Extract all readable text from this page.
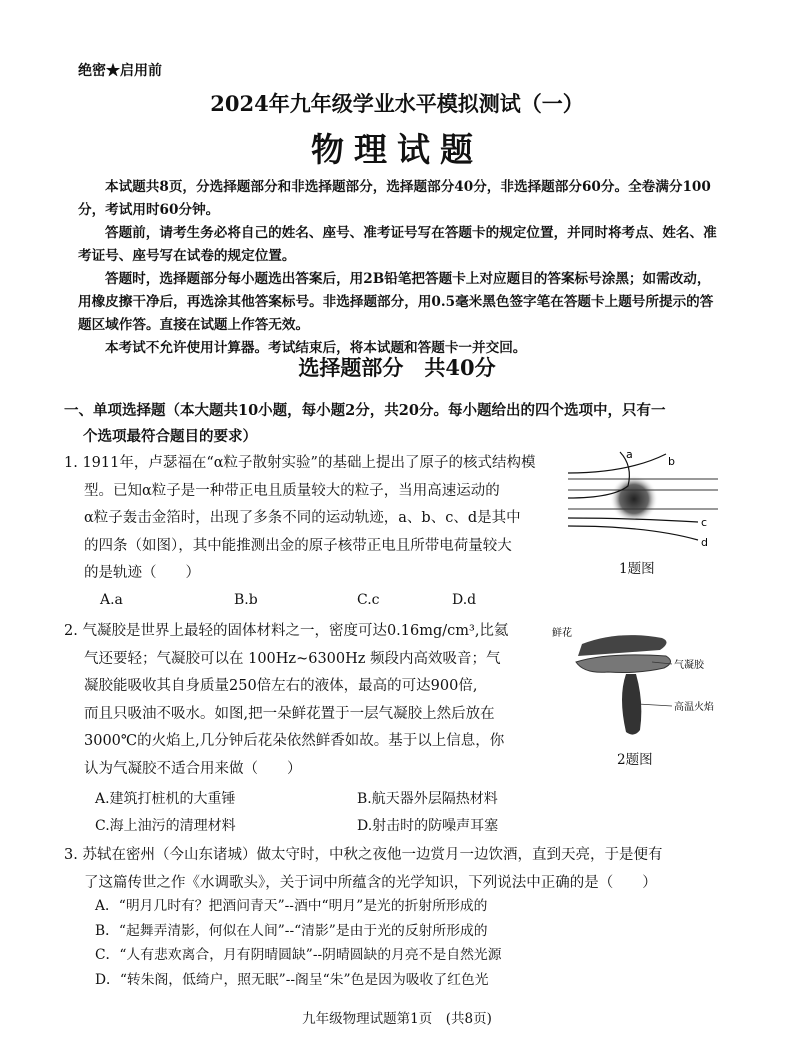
绝密★启用前
2024年九年级学业水平模拟测试（一）
物理试题

本试题共8页，分选择题部分和非选择题部分，选择题部分40分，非选择题部分60分。全卷满分100分，考试用时60分钟。

答题前，请考生务必将自己的姓名、座号、准考证号写在答题卡的规定位置，并同时将考点、姓名、准考证号、座号写在试卷的规定位置。

答题时，选择题部分每小题选出答案后，用2B铅笔把答题卡上对应题目的答案标号涂黑；如需改动，用橡皮擦干净后，再选涂其他答案标号。非选择题部分，用0.5毫米黑色签字笔在答题卡上题号所提示的答题区域作答。直接在试题上作答无效。

本考试不允许使用计算器。考试结束后，将本试题和答题卡一并交回。

选择题部分　共40分
一、单项选择题（本大题共10小题，每小题2分，共20分。每小题给出的四个选项中，只有一
个选项最符合题目的要求）
1. 1911年，卢瑟福在“α粒子散射实验”的基础上提出了原子的核式结构模
型。已知α粒子是一种带正电且质量较大的粒子，当用高速运动的
α粒子轰击金箔时，出现了多条不同的运动轨迹，a、b、c、d是其中
的四条（如图），其中能推测出金的原子核带正电且所带电荷量较大
的是轨迹（　　）
A.a	B.b	C.c	D.d
a
b
c
d
1题图
2. 气凝胶是世界上最轻的固体材料之一，密度可达0.16mg/cm³,比氦
气还要轻；气凝胶可以在 100Hz~6300Hz 频段内高效吸音；气
凝胶能吸收其自身质量250倍左右的液体，最高的可达900倍,
而且只吸油不吸水。如图,把一朵鲜花置于一层气凝胶上然后放在
3000℃的火焰上,几分钟后花朵依然鲜香如故。基于以上信息，你
认为气凝胶不适合用来做（　　）
A.建筑打桩机的大重锤	B.航天器外层隔热材料
C.海上油污的清理材料	D.射击时的防噪声耳塞
鲜花
气凝胶
高温火焰
2题图
3. 苏轼在密州（今山东诸城）做太守时，中秋之夜他一边赏月一边饮酒，直到天亮，于是便有
了这篇传世之作《水调歌头》，关于词中所蕴含的光学知识，下列说法中正确的是（　　）
A．“明月几时有？把酒问青天”--酒中“明月”是光的折射所形成的
B．“起舞弄清影，何似在人间”--“清影”是由于光的反射所形成的
C．“人有悲欢离合，月有阴晴圆缺”--阴晴圆缺的月亮不是自然光源
D．“转朱阁，低绮户，照无眠”--阁呈“朱”色是因为吸收了红色光
九年级物理试题第1页　(共8页)
